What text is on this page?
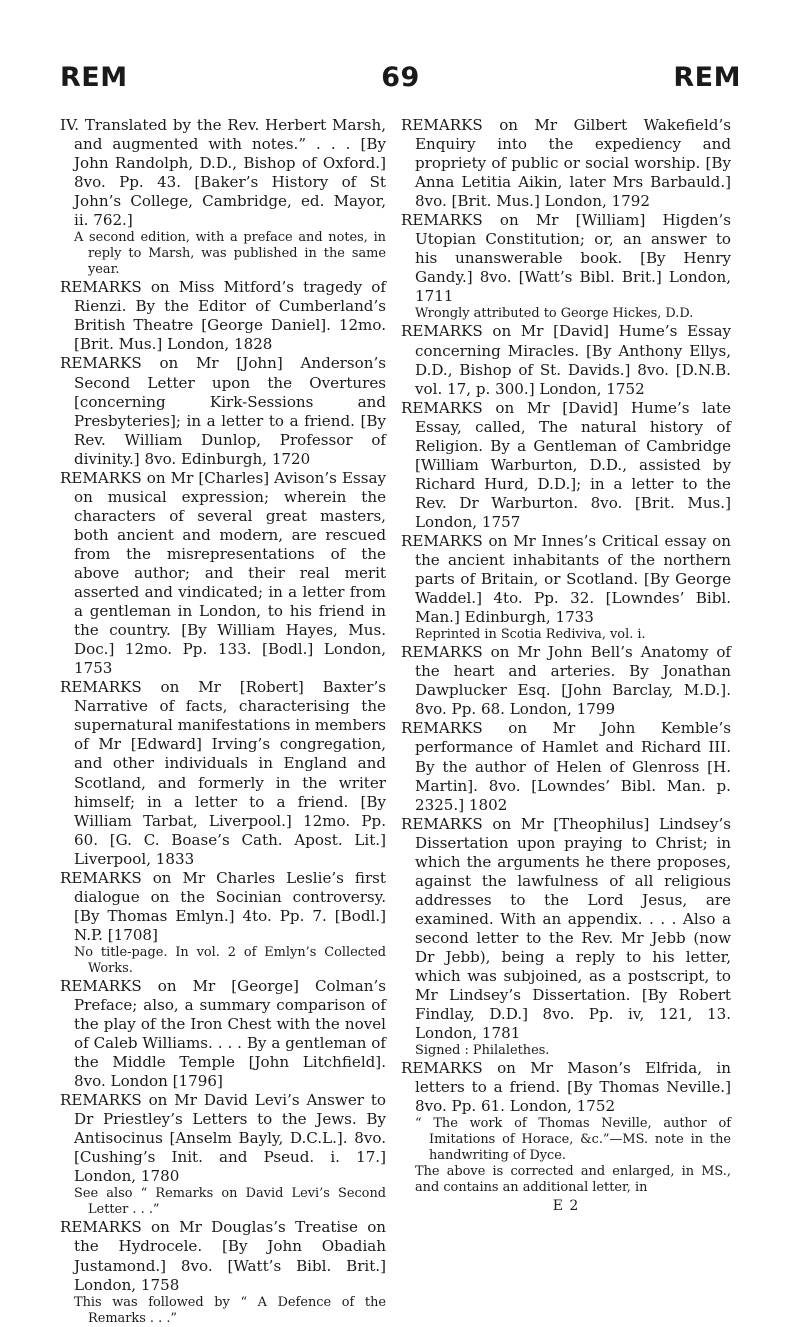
REM	69	REM

IV. Translated by the Rev. Herbert Marsh, and augmented with notes.” . . . [By John Randolph, D.D., Bishop of Oxford.] 8vo. Pp. 43. [Baker’s History of St John’s College, Cambridge, ed. Mayor, ii. 762.]

A second edition, with a preface and notes, in reply to Marsh, was published in the same year.

REMARKS on Miss Mitford’s tragedy of Rienzi. By the Editor of Cumberland’s British Theatre [George Daniel]. 12mo. [Brit. Mus.] London, 1828

REMARKS on Mr [John] Anderson’s Second Letter upon the Overtures [concerning Kirk-Sessions and Presbyteries]; in a letter to a friend. [By Rev. William Dunlop, Professor of divinity.] 8vo. Edinburgh, 1720

REMARKS on Mr [Charles] Avison’s Essay on musical expression; wherein the characters of several great masters, both ancient and modern, are rescued from the misrepresentations of the above author; and their real merit asserted and vindicated; in a letter from a gentleman in London, to his friend in the country. [By William Hayes, Mus. Doc.] 12mo. Pp. 133. [Bodl.] London, 1753

REMARKS on Mr [Robert] Baxter’s Narrative of facts, characterising the supernatural manifestations in members of Mr [Edward] Irving’s congregation, and other individuals in England and Scotland, and formerly in the writer himself; in a letter to a friend. [By William Tarbat, Liverpool.] 12mo. Pp. 60. [G. C. Boase’s Cath. Apost. Lit.] Liverpool, 1833

REMARKS on Mr Charles Leslie’s first dialogue on the Socinian controversy. [By Thomas Emlyn.] 4to. Pp. 7. [Bodl.] N.P. [1708]

No title-page. In vol. 2 of Emlyn’s Collected Works.

REMARKS on Mr [George] Colman’s Preface; also, a summary comparison of the play of the Iron Chest with the novel of Caleb Williams. . . . By a gentleman of the Middle Temple [John Litchfield]. 8vo. London [1796]

REMARKS on Mr David Levi’s Answer to Dr Priestley’s Letters to the Jews. By Antisocinus [Anselm Bayly, D.C.L.]. 8vo. [Cushing’s Init. and Pseud. i. 17.] London, 1780

See also “ Remarks on David Levi’s Second Letter . . .”

REMARKS on Mr Douglas’s Treatise on the Hydrocele. [By John Obadiah Justamond.] 8vo. [Watt’s Bibl. Brit.] London, 1758

This was followed by “ A Defence of the Remarks . . .”

REMARKS on Mr Gilbert Wakefield’s Enquiry into the expediency and propriety of public or social worship. [By Anna Letitia Aikin, later Mrs Barbauld.] 8vo. [Brit. Mus.] London, 1792

REMARKS on Mr [William] Higden’s Utopian Constitution; or, an answer to his unanswerable book. [By Henry Gandy.] 8vo. [Watt’s Bibl. Brit.] London, 1711

Wrongly attributed to George Hickes, D.D.

REMARKS on Mr [David] Hume’s Essay concerning Miracles. [By Anthony Ellys, D.D., Bishop of St. Davids.] 8vo. [D.N.B. vol. 17, p. 300.] London, 1752

REMARKS on Mr [David] Hume’s late Essay, called, The natural history of Religion. By a Gentleman of Cambridge [William Warburton, D.D., assisted by Richard Hurd, D.D.]; in a letter to the Rev. Dr Warburton. 8vo. [Brit. Mus.] London, 1757

REMARKS on Mr Innes’s Critical essay on the ancient inhabitants of the northern parts of Britain, or Scotland. [By George Waddel.] 4to. Pp. 32. [Lowndes’ Bibl. Man.] Edinburgh, 1733

Reprinted in Scotia Rediviva, vol. i.

REMARKS on Mr John Bell’s Anatomy of the heart and arteries. By Jonathan Dawplucker Esq. [John Barclay, M.D.]. 8vo. Pp. 68. London, 1799

REMARKS on Mr John Kemble’s performance of Hamlet and Richard III. By the author of Helen of Glenross [H. Martin]. 8vo. [Lowndes’ Bibl. Man. p. 2325.] 1802

REMARKS on Mr [Theophilus] Lindsey’s Dissertation upon praying to Christ; in which the arguments he there proposes, against the lawfulness of all religious addresses to the Lord Jesus, are examined. With an appendix. . . . Also a second letter to the Rev. Mr Jebb (now Dr Jebb), being a reply to his letter, which was subjoined, as a postscript, to Mr Lindsey’s Dissertation. [By Robert Findlay, D.D.] 8vo. Pp. iv, 121, 13. London, 1781

Signed : Philalethes.

REMARKS on Mr Mason’s Elfrida, in letters to a friend. [By Thomas Neville.] 8vo. Pp. 61. London, 1752

“ The work of Thomas Neville, author of Imitations of Horace, &c.”—MS. note in the handwriting of Dyce.

The above is corrected and enlarged, in MS., and contains an additional letter, in

E 2
